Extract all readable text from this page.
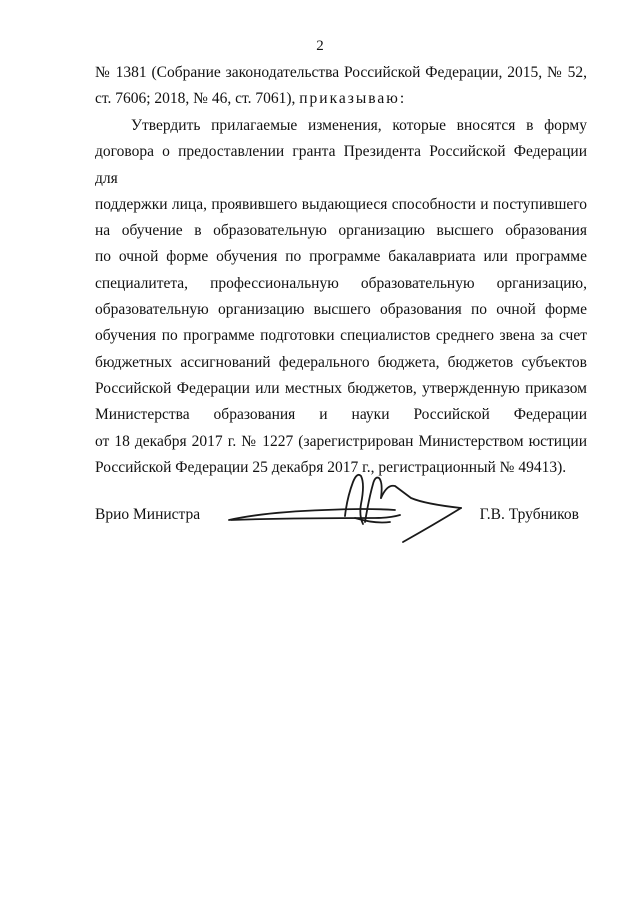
2
№ 1381 (Собрание законодательства Российской Федерации, 2015, № 52,
ст. 7606; 2018, № 46, ст. 7061), приказываю:
Утвердить прилагаемые изменения, которые вносятся в форму
договора о предоставлении гранта Президента Российской Федерации для
поддержки лица, проявившего выдающиеся способности и поступившего
на обучение в образовательную организацию высшего образования
по очной форме обучения по программе бакалавриата или программе
специалитета, профессиональную образовательную организацию,
образовательную организацию высшего образования по очной форме
обучения по программе подготовки специалистов среднего звена за счет
бюджетных ассигнований федерального бюджета, бюджетов субъектов
Российской Федерации или местных бюджетов, утвержденную приказом
Министерства образования и науки Российской Федерации
от 18 декабря 2017 г. № 1227 (зарегистрирован Министерством юстиции
Российской Федерации 25 декабря 2017 г., регистрационный № 49413).
Врио Министра	Г.В. Трубников
